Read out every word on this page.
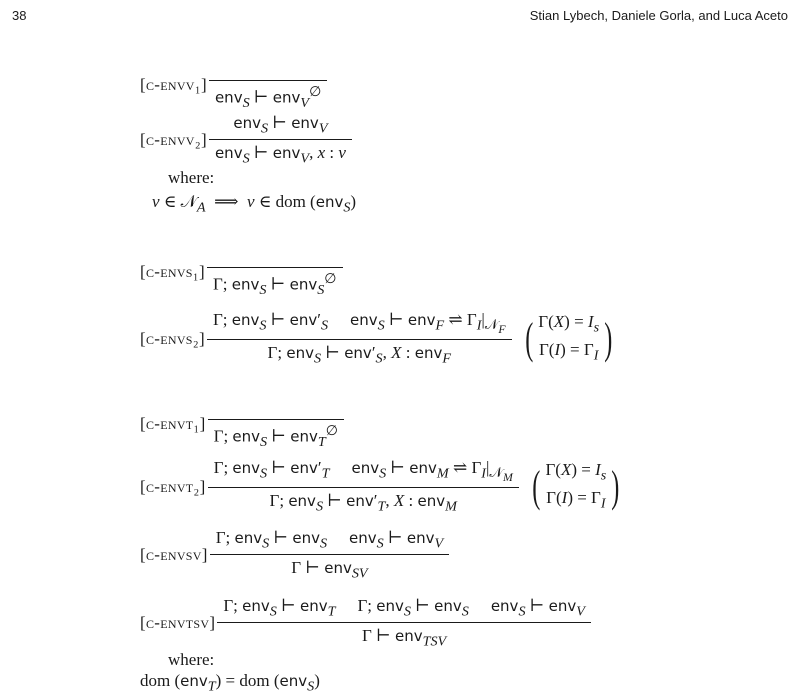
38	Stian Lybech, Daniele Gorla, and Luca Aceto
[c-envv₁]
env$_S$ ⊢ env$_V$∅
[c-envv₂] $\frac{env_S ⊢ env_V}{env_S ⊢ env_V, x : v}$
where:
v ∈ 𝒩$_A$  ⟹  v ∈ dom (env$_S$)
[c-envs₁]
Γ; env$_S$ ⊢ env$_S$∅
[c-envs₂] $\frac{\Gamma; env_S ⊢ env'_S env_S ⊢ env_F \rightleftharpoons \Gamma_I|_{𝒩_F}}{\Gamma; env_S ⊢ env'_S, X : env_F}$ ( $\Gamma(X) = I_s$
$\Gamma(I) = \Gamma_I$ )
[c-envt₁]
Γ; env$_S$ ⊢ env$_T$∅
[c-envt₂] $\frac{\Gamma; env_S ⊢ env'_T env_S ⊢ env_M \rightleftharpoons \Gamma_I|_{𝒩_M}}{\Gamma; env_S ⊢ env'_T, X : env_M}$ ( $\Gamma(X) = I_s$
$\Gamma(I) = \Gamma_I$ )
[c-envsv] $\frac{\Gamma; env_S ⊢ env_S env_S ⊢ env_V}{\Gamma ⊢ env_{SV}}$
[c-envtsv] $\frac{\Gamma; env_S ⊢ env_T \Gamma; env_S ⊢ env_S env_S ⊢ env_V}{\Gamma ⊢ env_{TSV}}$
where:
dom (env$_T$) = dom (env$_S$)
